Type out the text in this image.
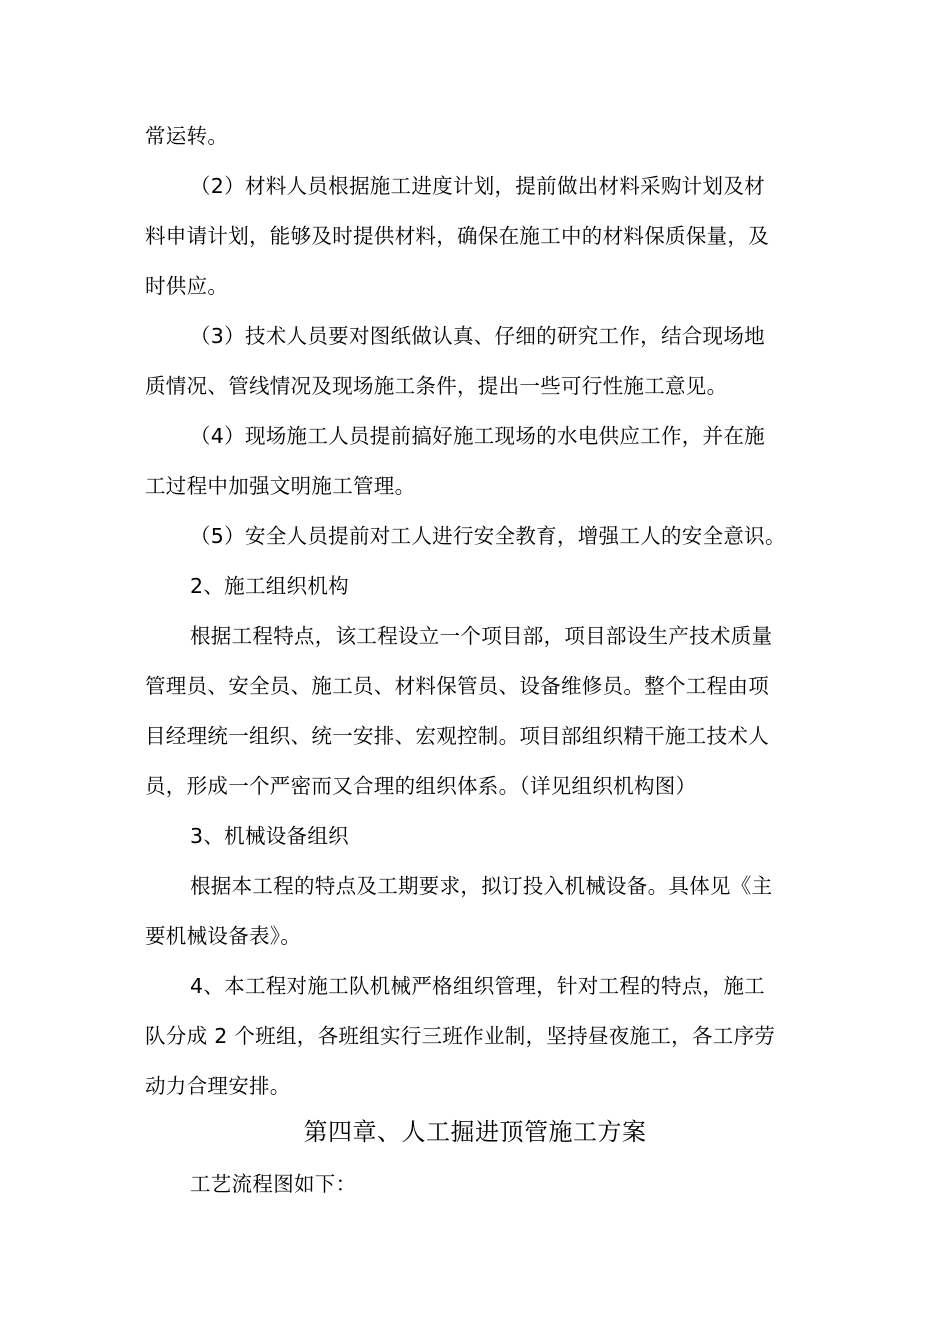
常运转。
（2）材料人员根据施工进度计划，提前做出材料采购计划及材
料申请计划，能够及时提供材料，确保在施工中的材料保质保量，及
时供应。
（3）技术人员要对图纸做认真、仔细的研究工作，结合现场地
质情况、管线情况及现场施工条件，提出一些可行性施工意见。
（4）现场施工人员提前搞好施工现场的水电供应工作，并在施
工过程中加强文明施工管理。
（5）安全人员提前对工人进行安全教育，增强工人的安全意识。
2、施工组织机构
根据工程特点，该工程设立一个项目部，项目部设生产技术质量
管理员、安全员、施工员、材料保管员、设备维修员。整个工程由项
目经理统一组织、统一安排、宏观控制。项目部组织精干施工技术人
员，形成一个严密而又合理的组织体系。（详见组织机构图）
3、机械设备组织
根据本工程的特点及工期要求，拟订投入机械设备。具体见《主
要机械设备表》。
4、本工程对施工队机械严格组织管理，针对工程的特点，施工
队分成 2 个班组，各班组实行三班作业制，坚持昼夜施工，各工序劳
动力合理安排。
第四章、人工掘进顶管施工方案
工艺流程图如下：
